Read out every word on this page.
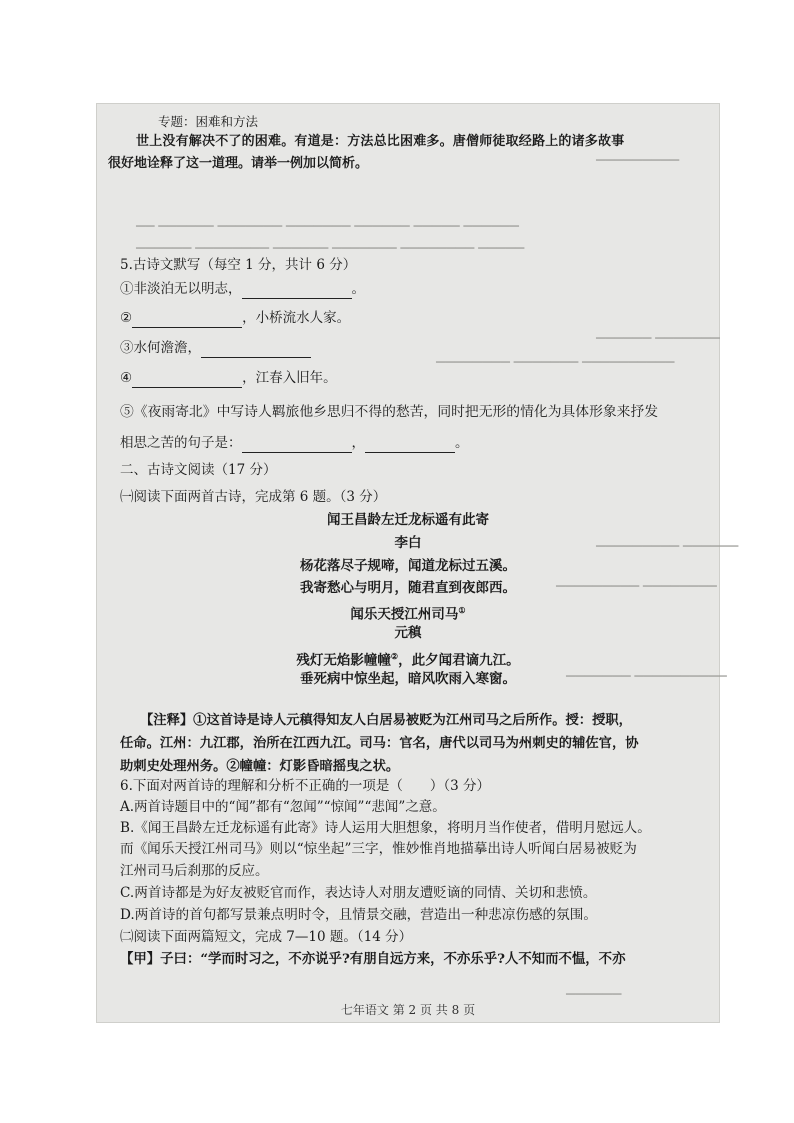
▁▁▁▁▁▁▁▁▁
▁▁ ▁▁▁▁▁▁ ▁▁▁▁▁▁▁ ▁▁▁▁▁▁▁ ▁▁▁▁▁▁ ▁▁▁▁▁ ▁▁▁▁▁▁
▁▁▁▁▁▁ ▁▁▁▁▁▁▁▁ ▁▁▁▁▁▁ ▁▁▁▁▁▁▁ ▁▁▁▁▁▁▁▁ ▁▁▁▁▁
▁▁▁▁▁▁ ▁▁▁▁▁▁▁
▁▁▁▁▁▁▁▁ ▁▁▁▁▁▁▁ ▁▁▁▁▁▁▁▁▁▁
▁▁▁▁▁▁▁▁▁ ▁▁▁▁▁▁
▁▁▁▁▁▁▁▁▁ ▁▁▁▁▁▁▁▁
▁▁▁▁▁▁▁ ▁▁▁▁▁▁▁▁▁▁
▁▁▁▁▁▁
专题：困难和方法
世上没有解决不了的困难。有道是：方法总比困难多。唐僧师徒取经路上的诸多故事
很好地诠释了这一道理。请举一例加以简析。
5.古诗文默写（每空 1 分，共计 6 分）
①非淡泊无以明志，	。
②	，小桥流水人家。
③水何澹澹，
④	，江春入旧年。
⑤《夜雨寄北》中写诗人羁旅他乡思归不得的愁苦，同时把无形的情化为具体形象来抒发
相思之苦的句子是：	，	。
二、古诗文阅读（17 分）
㈠阅读下面两首古诗，完成第 6 题。（3 分）
闻王昌龄左迁龙标遥有此寄
李白
杨花落尽子规啼，闻道龙标过五溪。
我寄愁心与明月，随君直到夜郎西。
闻乐天授江州司马①
元稹
残灯无焰影幢幢②，此夕闻君谪九江。
垂死病中惊坐起，暗风吹雨入寒窗。
【注释】①这首诗是诗人元稹得知友人白居易被贬为江州司马之后所作。授：授职，
任命。江州：九江郡，治所在江西九江。司马：官名，唐代以司马为州刺史的辅佐官，协
助刺史处理州务。②幢幢：灯影昏暗摇曳之状。
6.下面对两首诗的理解和分析不正确的一项是（　　）（3 分）
A.两首诗题目中的“闻”都有“忽闻”“惊闻”“悲闻”之意。
B.《闻王昌龄左迁龙标遥有此寄》诗人运用大胆想象，将明月当作使者，借明月慰远人。
而《闻乐天授江州司马》则以“惊坐起”三字，惟妙惟肖地描摹出诗人听闻白居易被贬为
江州司马后刹那的反应。
C.两首诗都是为好友被贬官而作，表达诗人对朋友遭贬谪的同情、关切和悲愤。
D.两首诗的首句都写景兼点明时令，且情景交融，营造出一种悲凉伤感的氛围。
㈡阅读下面两篇短文，完成 7—10 题。（14 分）
【甲】子曰：“学而时习之，不亦说乎?有朋自远方来，不亦乐乎?人不知而不愠，不亦
七年语文 第 2 页 共 8 页
